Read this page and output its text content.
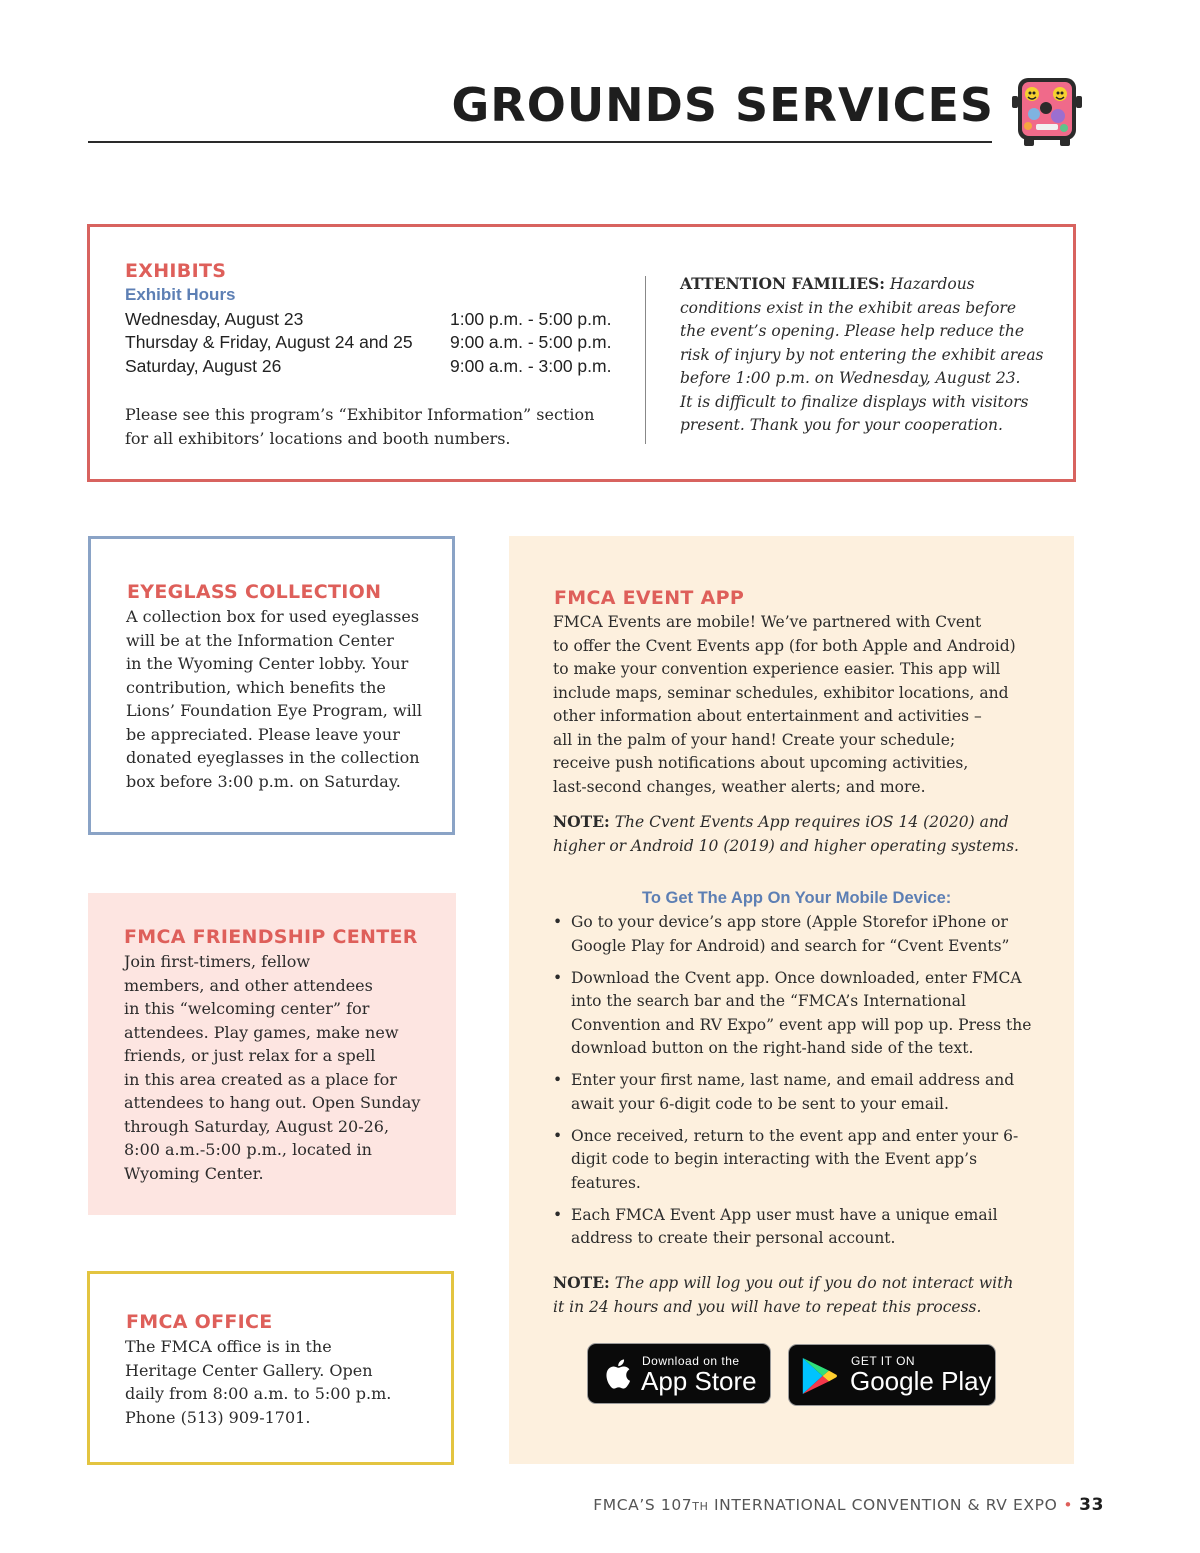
GROUNDS SERVICES
EXHIBITS
Exhibit Hours
Wednesday, August 23	1:00 p.m. - 5:00 p.m.
Thursday & Friday, August 24 and 25 9:00 a.m. - 5:00 p.m.
Saturday, August 26	9:00 a.m. - 3:00 p.m.
Please see this program’s “Exhibitor Information” section
for all exhibitors’ locations and booth numbers.
ATTENTION FAMILIES: Hazardous
conditions exist in the exhibit areas before
the event’s opening. Please help reduce the
risk of injury by not entering the exhibit areas
before 1:00 p.m. on Wednesday, August 23.
It is difficult to finalize displays with visitors
present. Thank you for your cooperation.
EYEGLASS COLLECTION
A collection box for used eyeglasses
will be at the Information Center
in the Wyoming Center lobby. Your
contribution, which benefits the
Lions’ Foundation Eye Program, will
be appreciated. Please leave your
donated eyeglasses in the collection
box before 3:00 p.m. on Saturday.
FMCA FRIENDSHIP CENTER
Join first-timers, fellow
members, and other attendees
in this “welcoming center” for
attendees. Play games, make new
friends, or just relax for a spell
in this area created as a place for
attendees to hang out. Open Sunday
through Saturday, August 20-26,
8:00 a.m.-5:00 p.m., located in
Wyoming Center.
FMCA OFFICE
The FMCA office is in the
Heritage Center Gallery. Open
daily from 8:00 a.m. to 5:00 p.m.
Phone (513) 909-1701.
FMCA EVENT APP
FMCA Events are mobile! We’ve partnered with Cvent
to offer the Cvent Events app (for both Apple and Android)
to make your convention experience easier. This app will
include maps, seminar schedules, exhibitor locations, and
other information about entertainment and activities –
all in the palm of your hand! Create your schedule;
receive push notifications about upcoming activities,
last-second changes, weather alerts; and more.
NOTE: The Cvent Events App requires iOS 14 (2020) and
higher or Android 10 (2019) and higher operating systems.
To Get The App On Your Mobile Device:
• Go to your device’s app store (Apple Storefor iPhone or Google Play for Android) and search for “Cvent Events”
• Download the Cvent app. Once downloaded, enter FMCA into the search bar and the “FMCA’s International Convention and RV Expo” event app will pop up. Press the download button on the right-hand side of the text.
• Enter your first name, last name, and email address and await your 6-digit code to be sent to your email.
• Once received, return to the event app and enter your 6-digit code to begin interacting with the Event app’s features.
• Each FMCA Event App user must have a unique email address to create their personal account.
NOTE: The app will log you out if you do not interact with
it in 24 hours and you will have to repeat this process.
Download on the
App Store
GET IT ON
Google Play
FMCA’S 107TH INTERNATIONAL CONVENTION & RV EXPO • 33
